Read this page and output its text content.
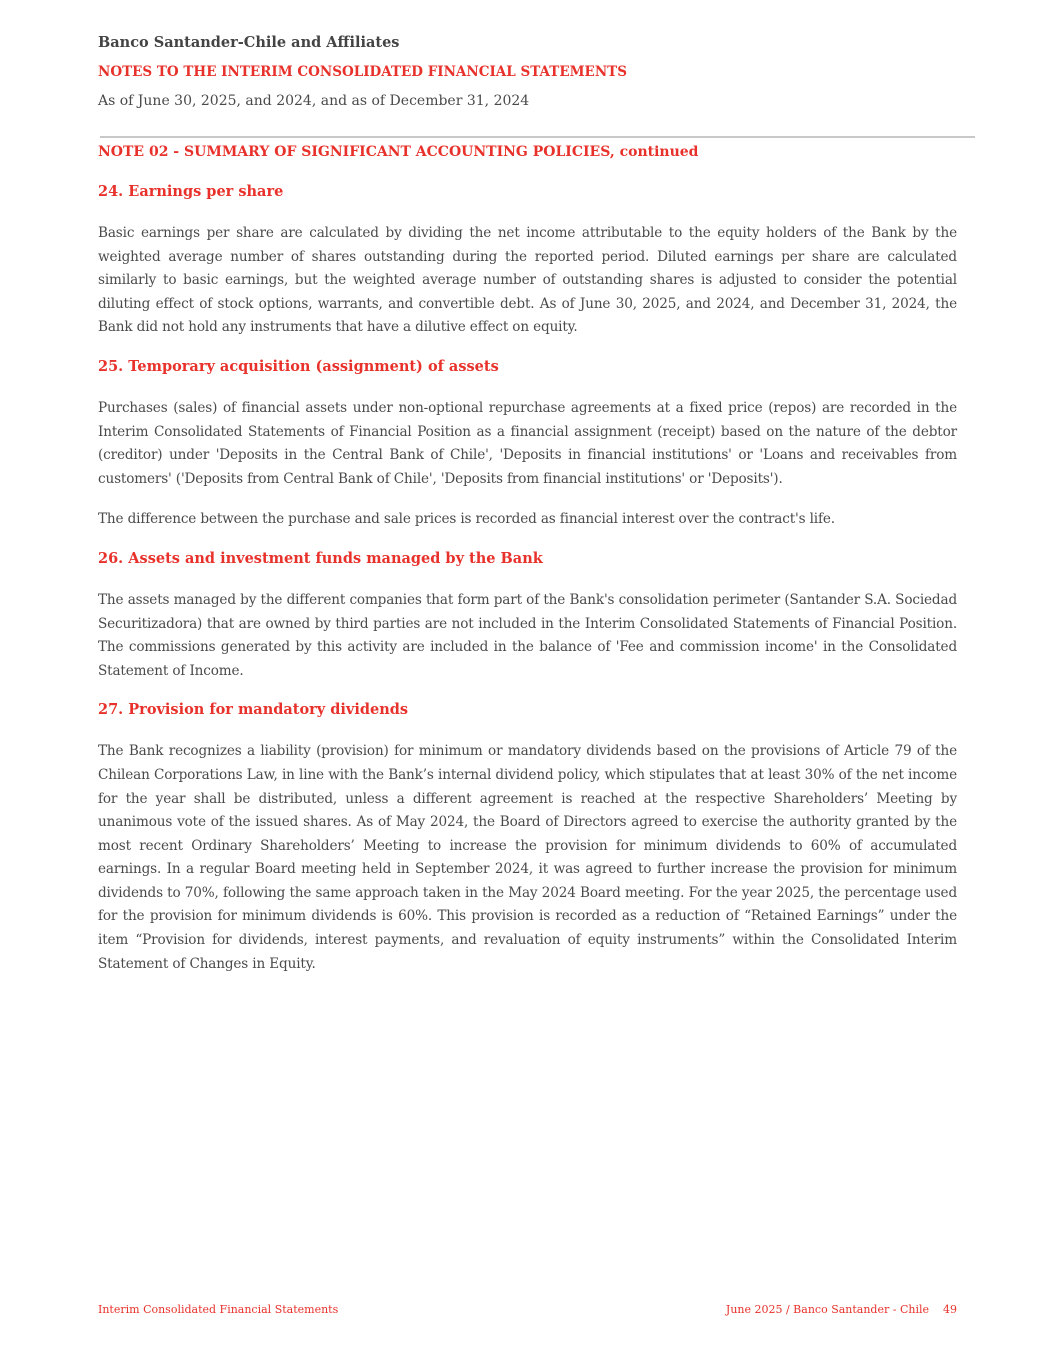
Banco Santander-Chile and Affiliates
NOTES TO THE INTERIM CONSOLIDATED FINANCIAL STATEMENTS
As of June 30, 2025, and 2024, and as of December 31, 2024
NOTE 02 - SUMMARY OF SIGNIFICANT ACCOUNTING POLICIES, continued
24. Earnings per share

Basic earnings per share are calculated by dividing the net income attributable to the equity holders of the Bank by the weighted average number of shares outstanding during the reported period. Diluted earnings per share are calculated similarly to basic earnings, but the weighted average number of outstanding shares is adjusted to consider the potential diluting effect of stock options, warrants, and convertible debt. As of June 30, 2025, and 2024, and December 31, 2024, the Bank did not hold any instruments that have a dilutive effect on equity.

25. Temporary acquisition (assignment) of assets

Purchases (sales) of financial assets under non-optional repurchase agreements at a fixed price (repos) are recorded in the Interim Consolidated Statements of Financial Position as a financial assignment (receipt) based on the nature of the debtor (creditor) under 'Deposits in the Central Bank of Chile', 'Deposits in financial institutions' or 'Loans and receivables from customers' ('Deposits from Central Bank of Chile', 'Deposits from financial institutions' or 'Deposits').

The difference between the purchase and sale prices is recorded as financial interest over the contract's life.

26. Assets and investment funds managed by the Bank

The assets managed by the different companies that form part of the Bank's consolidation perimeter (Santander S.A. Sociedad Securitizadora) that are owned by third parties are not included in the Interim Consolidated Statements of Financial Position. The commissions generated by this activity are included in the balance of 'Fee and commission income' in the Consolidated Statement of Income.

27. Provision for mandatory dividends

The Bank recognizes a liability (provision) for minimum or mandatory dividends based on the provisions of Article 79 of the Chilean Corporations Law, in line with the Bank’s internal dividend policy, which stipulates that at least 30% of the net income for the year shall be distributed, unless a different agreement is reached at the respective Shareholders’ Meeting by unanimous vote of the issued shares. As of May 2024, the Board of Directors agreed to exercise the authority granted by the most recent Ordinary Shareholders’ Meeting to increase the provision for minimum dividends to 60% of accumulated earnings. In a regular Board meeting held in September 2024, it was agreed to further increase the provision for minimum dividends to 70%, following the same approach taken in the May 2024 Board meeting. For the year 2025, the percentage used for the provision for minimum dividends is 60%. This provision is recorded as a reduction of “Retained Earnings” under the item “Provision for dividends, interest payments, and revaluation of equity instruments” within the Consolidated Interim Statement of Changes in Equity.

Interim Consolidated Financial Statements	June 2025 / Banco Santander - Chile 49
